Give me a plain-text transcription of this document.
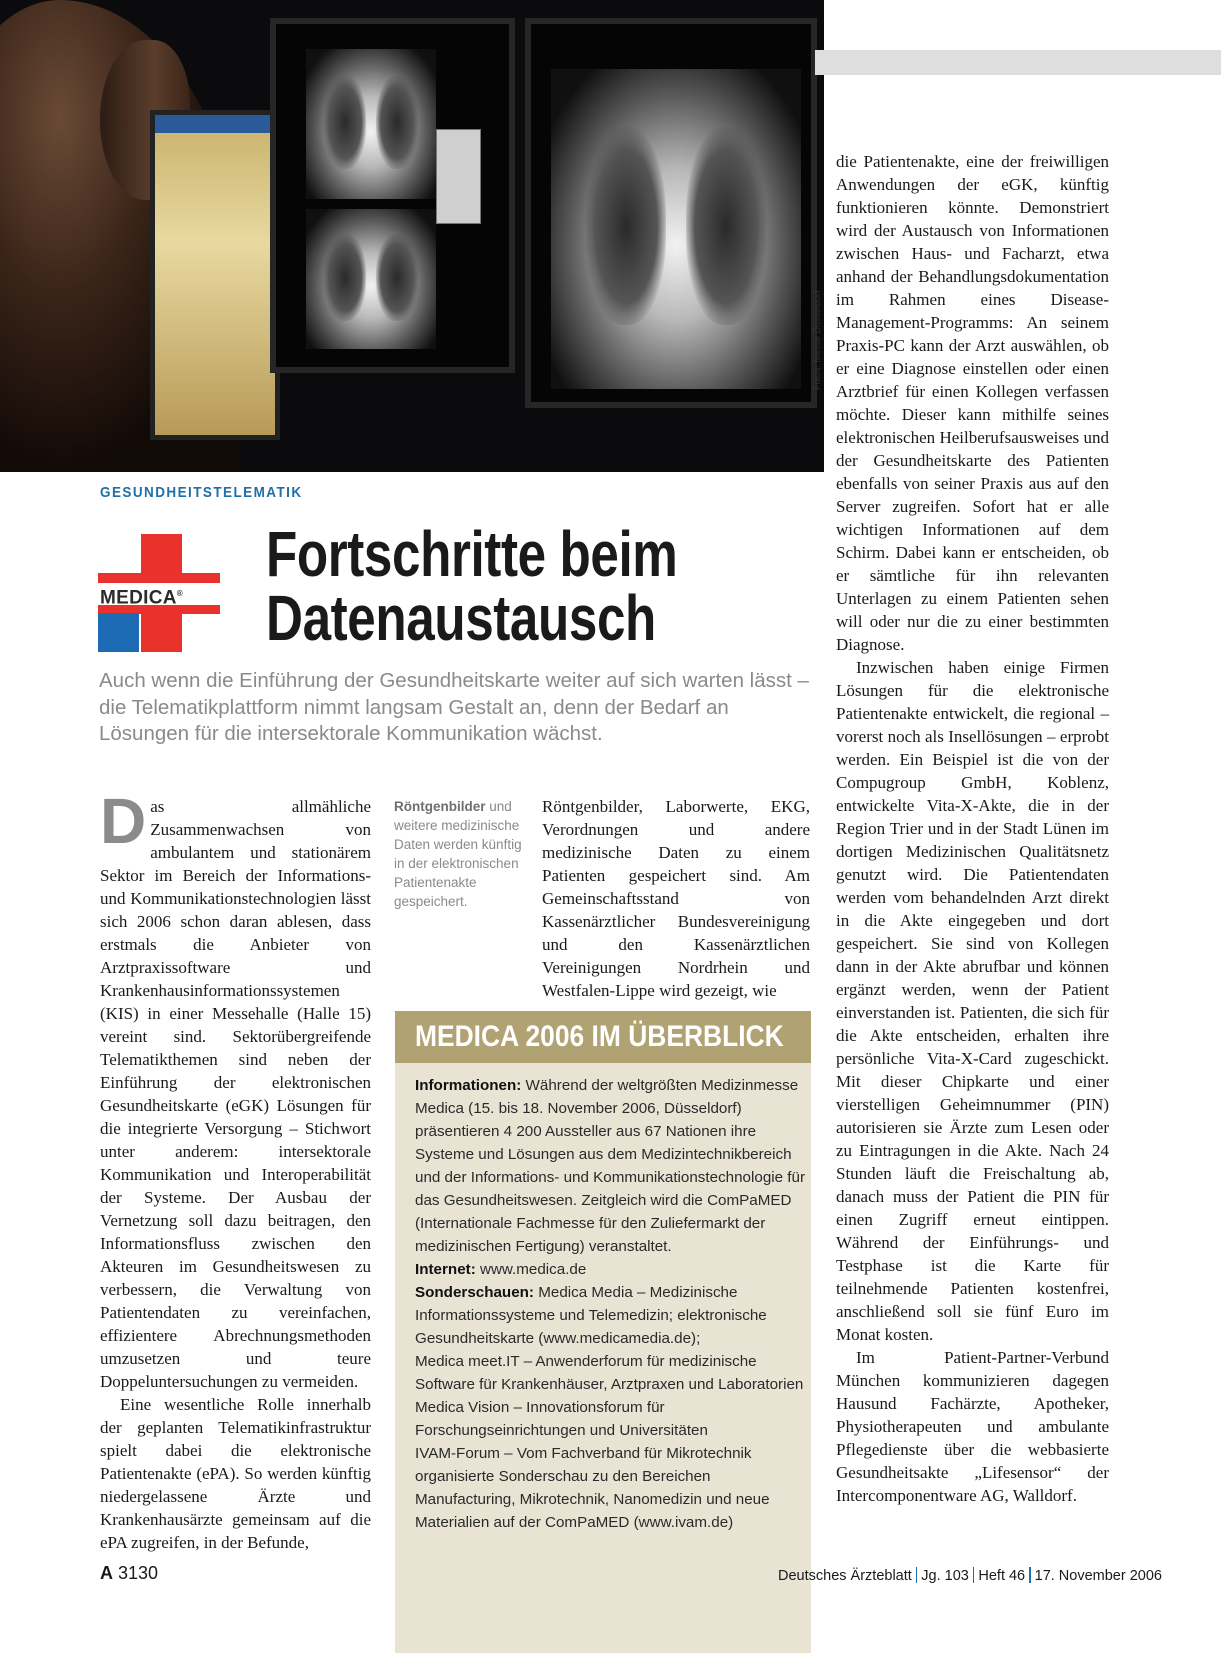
Fotos: Messe Düsseldorf
GESUNDHEITSTELEMATIK
MEDICA®
Fortschritte beim
Datenaustausch
Auch wenn die Einführung der Gesundheitskarte weiter auf sich warten lässt – die Telematikplattform nimmt langsam Gestalt an, denn der Bedarf an Lösungen für die intersektorale Kommunikation wächst.

Das allmähliche Zusammenwachsen von ambulantem und stationärem Sektor im Bereich der Informations- und Kommunikationstechnologien lässt sich 2006 schon daran ablesen, dass erstmals die Anbieter von Arztpraxissoftware und Krankenhausinformationssystemen (KIS) in einer Messehalle (Halle 15) vereint sind. Sektorübergreifende Telematikthemen sind neben der Einführung der elektronischen Gesundheitskarte (eGK) Lösungen für die integrierte Versorgung – Stichwort unter anderem: intersektorale Kommunikation und Interoperabilität der Systeme. Der Ausbau der Vernetzung soll dazu beitragen, den Informationsfluss zwischen den Akteuren im Gesundheitswesen zu verbessern, die Verwaltung von Patientendaten zu vereinfachen, effizientere Abrechnungsmethoden umzusetzen und teure Doppeluntersuchungen zu vermeiden.

Eine wesentliche Rolle innerhalb der geplanten Telematikinfrastruktur spielt dabei die elektronische Patientenakte (ePA). So werden künftig niedergelassene Ärzte und Krankenhausärzte gemeinsam auf die ePA zugreifen, in der Befunde,

Röntgenbilder und weitere medizinische Daten werden künftig in der elektronischen Patientenakte gespeichert.

Röntgenbilder, Laborwerte, EKG, Verordnungen und andere medizinische Daten zu einem Patienten gespeichert sind. Am Gemeinschaftsstand von Kassenärztlicher Bundesvereinigung und den Kassenärztlichen Vereinigungen Nordrhein und Westfalen-Lippe wird gezeigt, wie

die Patientenakte, eine der freiwilligen Anwendungen der eGK, künftig funktionieren könnte. Demonstriert wird der Austausch von Informationen zwischen Haus- und Facharzt, etwa anhand der Behandlungsdokumentation im Rahmen eines Disease-Management-Programms: An seinem Praxis-PC kann der Arzt auswählen, ob er eine Diagnose einstellen oder einen Arztbrief für einen Kollegen verfassen möchte. Dieser kann mithilfe seines elektronischen Heilberufsausweises und der Gesundheitskarte des Patienten ebenfalls von seiner Praxis aus auf den Server zugreifen. Sofort hat er alle wichtigen Informationen auf dem Schirm. Dabei kann er entscheiden, ob er sämtliche für ihn relevanten Unterlagen zu einem Patienten sehen will oder nur die zu einer bestimmten Diagnose.

Inzwischen haben einige Firmen Lösungen für die elektronische Patientenakte entwickelt, die regional – vorerst noch als Insellösungen – erprobt werden. Ein Beispiel ist die von der Compugroup GmbH, Koblenz, entwickelte Vita-X-Akte, die in der Region Trier und in der Stadt Lünen im dortigen Medizinischen Qualitätsnetz genutzt wird. Die Patientendaten werden vom behandelnden Arzt direkt in die Akte eingegeben und dort gespeichert. Sie sind von Kollegen dann in der Akte abrufbar und können ergänzt werden, wenn der Patient einverstanden ist. Patienten, die sich für die Akte entscheiden, erhalten ihre persönliche Vita-X-Card zugeschickt. Mit dieser Chipkarte und einer vierstelligen Geheimnummer (PIN) autorisieren sie Ärzte zum Lesen oder zu Eintragungen in die Akte. Nach 24 Stunden läuft die Freischaltung ab, danach muss der Patient die PIN für einen Zugriff erneut eintippen. Während der Einführungs- und Testphase ist die Karte für teilnehmende Patienten kostenfrei, anschließend soll sie fünf Euro im Monat kosten.

Im Patient-Partner-Verbund München kommunizieren dagegen Hausund Fachärzte, Apotheker, Physiotherapeuten und ambulante Pflegedienste über die webbasierte Gesundheitsakte „Lifesensor“ der Intercomponentware AG, Walldorf.

MEDICA 2006 IM ÜBERBLICK
Informationen: Während der weltgrößten Medizinmesse Medica (15. bis 18. November 2006, Düsseldorf) präsentieren 4 200 Aussteller aus 67 Nationen ihre Systeme und Lösungen aus dem Medizintechnikbereich und der Informations- und Kommunikationstechnologie für das Gesundheitswesen. Zeitgleich wird die ComPaMED (Internationale Fachmesse für den Zuliefermarkt der medizinischen Fertigung) veranstaltet.
Internet: www.medica.de
Sonderschauen: Medica Media – Medizinische Informationssysteme und Telemedizin; elektronische Gesundheitskarte (www.medicamedia.de);
Medica meet.IT – Anwenderforum für medizinische Software für Krankenhäuser, Arztpraxen und Laboratorien
Medica Vision – Innovationsforum für Forschungseinrichtungen und Universitäten
IVAM-Forum – Vom Fachverband für Mikrotechnik organisierte Sonderschau zu den Bereichen Manufacturing, Mikrotechnik, Nanomedizin und neue Materialien auf der ComPaMED (www.ivam.de)
A 3130	Deutsches Ärzteblatt Jg. 103 Heft 46 17. November 2006
